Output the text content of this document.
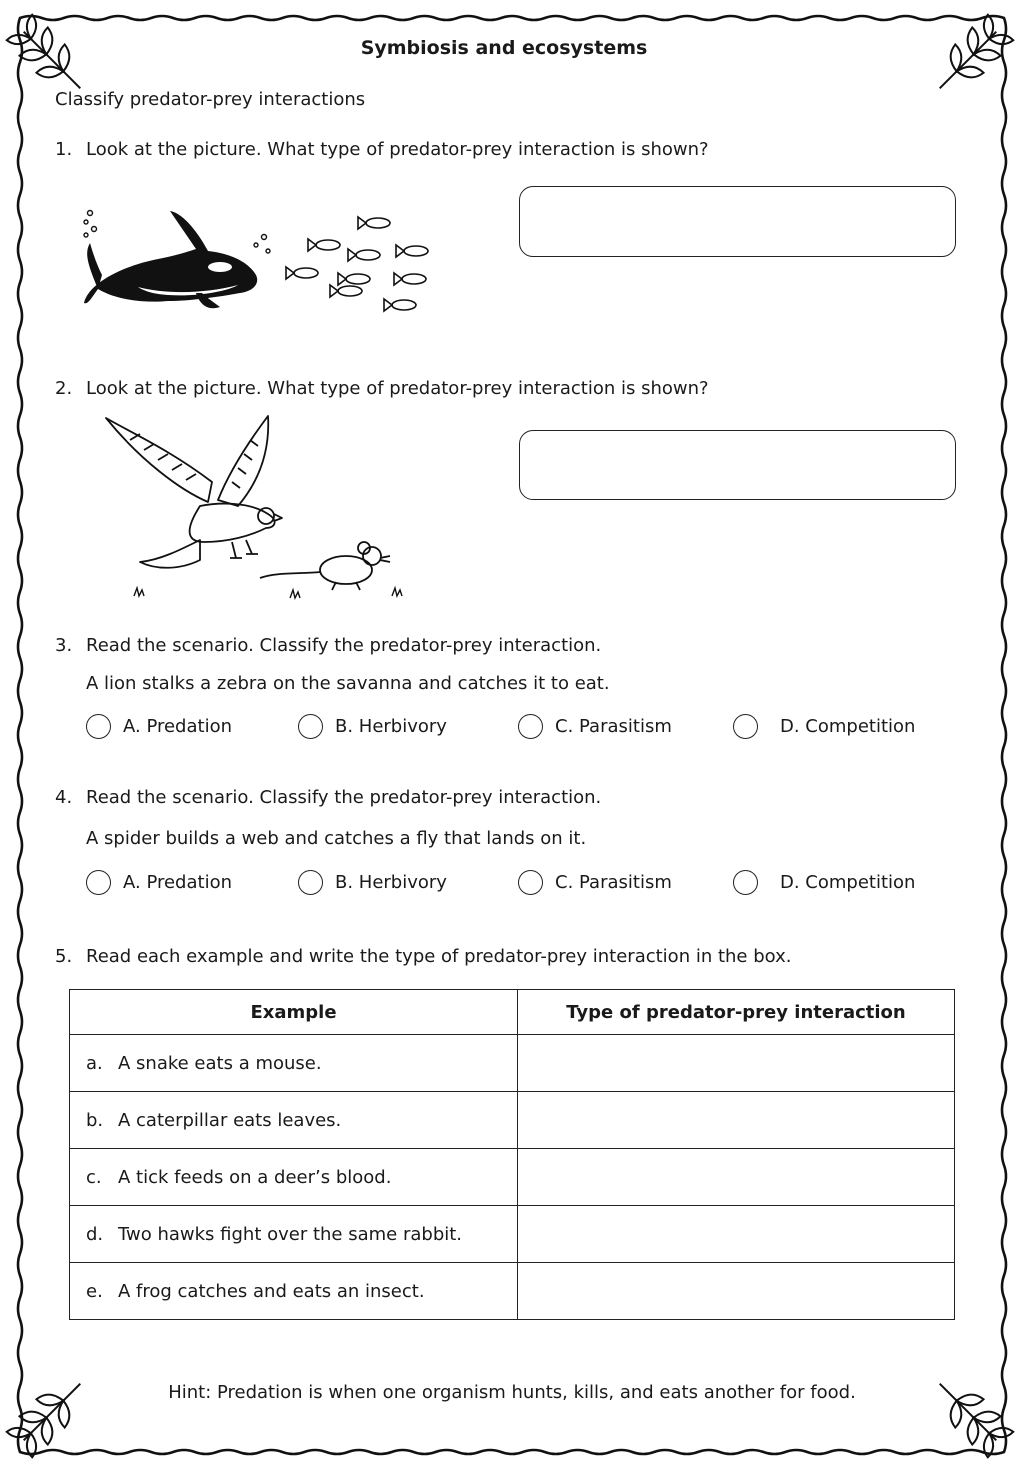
Symbiosis and ecosystems
Classify predator-prey interactions
1. Look at the picture. What type of predator-prey interaction is shown?
2. Look at the picture. What type of predator-prey interaction is shown?
3. Read the scenario. Classify the predator-prey interaction.
A lion stalks a zebra on the savanna and catches it to eat.
A. Predation	B. Herbivory	C. Parasitism	D. Competition
4. Read the scenario. Classify the predator-prey interaction.
A spider builds a web and catches a fly that lands on it.
A. Predation	B. Herbivory	C. Parasitism	D. Competition
5. Read each example and write the type of predator-prey interaction in the box.
Example	Type of predator-prey interaction
a. A snake eats a mouse.	
b. A caterpillar eats leaves.	
c. A tick feeds on a deer’s blood.	
d. Two hawks fight over the same rabbit.	
e. A frog catches and eats an insect.	
Hint: Predation is when one organism hunts, kills, and eats another for food.
